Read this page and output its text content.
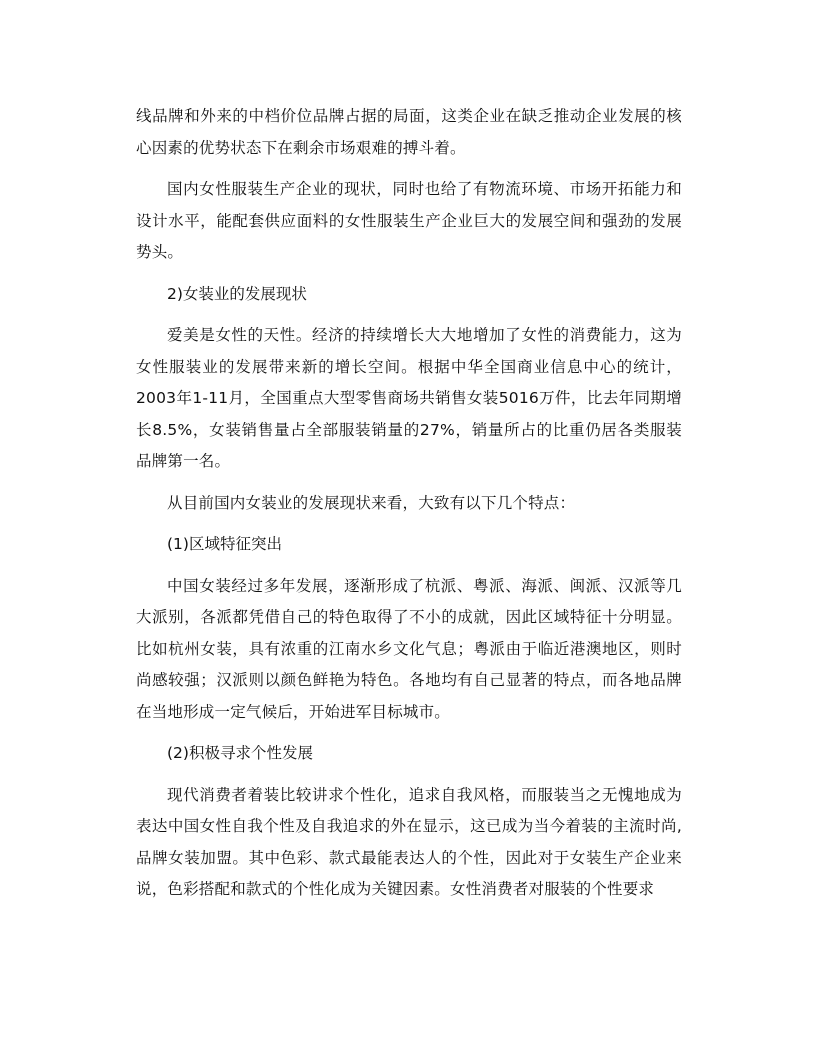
线品牌和外来的中档价位品牌占据的局面，这类企业在缺乏推动企业发展的核心因素的优势状态下在剩余市场艰难的搏斗着。

国内女性服装生产企业的现状，同时也给了有物流环境、市场开拓能力和设计水平，能配套供应面料的女性服装生产企业巨大的发展空间和强劲的发展势头。

2)女装业的发展现状

爱美是女性的天性。经济的持续增长大大地增加了女性的消费能力，这为女性服装业的发展带来新的增长空间。根据中华全国商业信息中心的统计，2003年1-11月，全国重点大型零售商场共销售女装5016万件，比去年同期增长8.5%，女装销售量占全部服装销量的27%，销量所占的比重仍居各类服装品牌第一名。

从目前国内女装业的发展现状来看，大致有以下几个特点：

(1)区域特征突出

中国女装经过多年发展，逐渐形成了杭派、粤派、海派、闽派、汉派等几大派别，各派都凭借自己的特色取得了不小的成就，因此区域特征十分明显。比如杭州女装，具有浓重的江南水乡文化气息；粤派由于临近港澳地区，则时尚感较强；汉派则以颜色鲜艳为特色。各地均有自己显著的特点，而各地品牌在当地形成一定气候后，开始进军目标城市。

(2)积极寻求个性发展

现代消费者着装比较讲求个性化，追求自我风格，而服装当之无愧地成为表达中国女性自我个性及自我追求的外在显示，这已成为当今着装的主流时尚,品牌女装加盟。其中色彩、款式最能表达人的个性，因此对于女装生产企业来说，色彩搭配和款式的个性化成为关键因素。女性消费者对服装的个性要求
